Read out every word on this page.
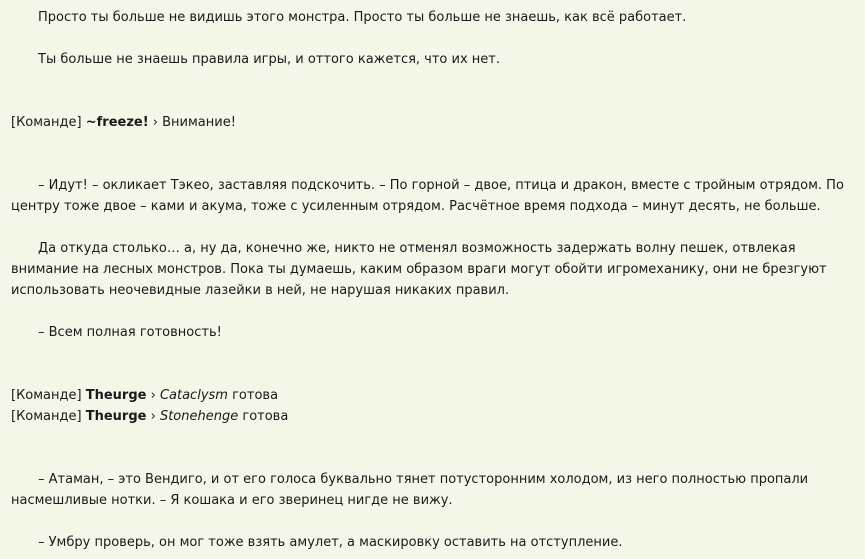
Просто ты больше не видишь этого монстра. Просто ты больше не знаешь, как всё работает.
Ты больше не знаешь правила игры, и оттого кажется, что их нет.
[Команде] ~freeze! › Внимание!

– Идут! – окликает Тэкео, заставляя подскочить. – По горной – двое, птица и дракон, вместе с тройным отрядом. По центру тоже двое – ками и акума, тоже с усиленным отрядом. Расчётное время подхода – минут десять, не больше.

Да откуда столько… а, ну да, конечно же, никто не отменял возможность задержать волну пешек, отвлекая внимание на лесных монстров. Пока ты думаешь, каким образом враги могут обойти игромеханику, они не брезгуют использовать неочевидные лазейки в ней, не нарушая никаких правил.

– Всем полная готовность!
[Команде] Theurge › Cataclysm готова
[Команде] Theurge › Stonehenge готова

– Атаман, – это Вендиго, и от его голоса буквально тянет потусторонним холодом, из него полностью пропали насмешливые нотки. – Я кошака и его зверинец нигде не вижу.

– Умбру проверь, он мог тоже взять амулет, а маскировку оставить на отступление.
